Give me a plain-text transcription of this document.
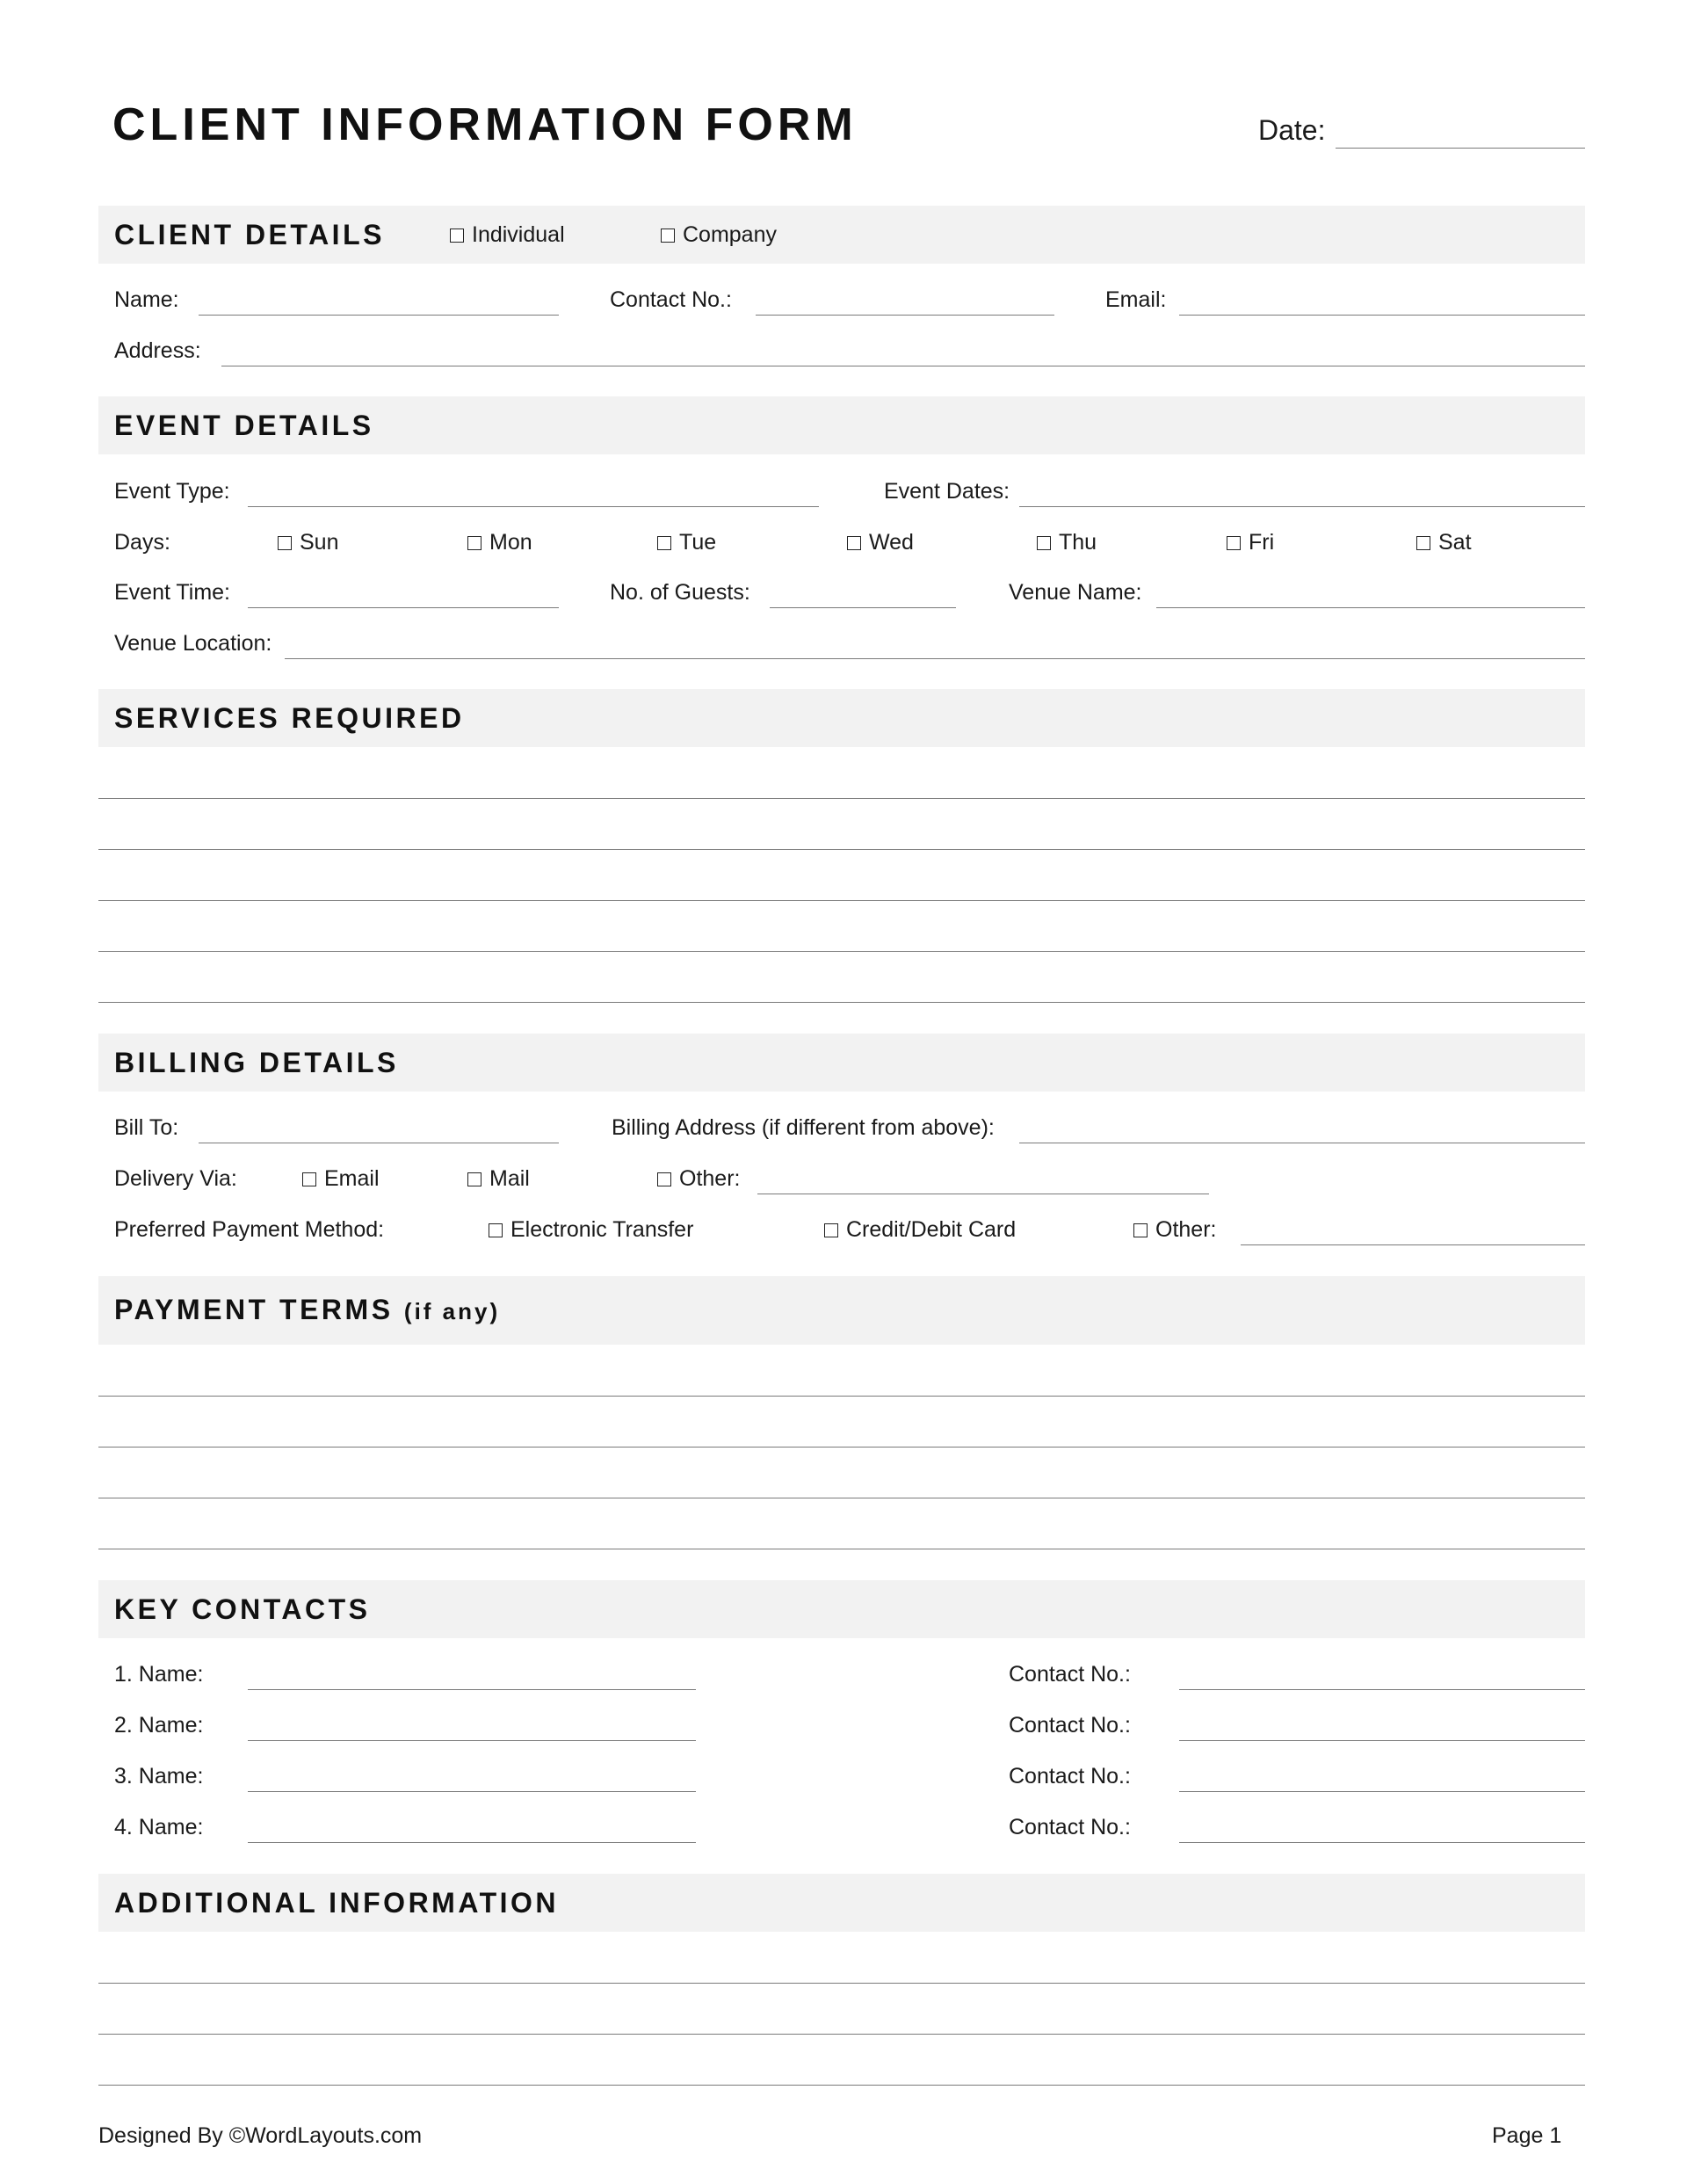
CLIENT INFORMATION FORM	Date:
CLIENT DETAILS	Individual	Company
Name:	Contact No.:	Email:
Address:
EVENT DETAILS
Event Type:	Event Dates:
Days:	Sun	Mon	Tue	Wed	Thu	Fri	Sat
Event Time:	No. of Guests:	Venue Name:
Venue Location:
SERVICES REQUIRED
BILLING DETAILS
Bill To:	Billing Address (if different from above):
Delivery Via:	Email	Mail	Other:
Preferred Payment Method:	Electronic Transfer	Credit/Debit Card	Other:
PAYMENT TERMS (if any)
KEY CONTACTS
1. Name:	Contact No.:
2. Name:	Contact No.:
3. Name:	Contact No.:
4. Name:	Contact No.:
ADDITIONAL INFORMATION
Designed By ©WordLayouts.com	Page 1
